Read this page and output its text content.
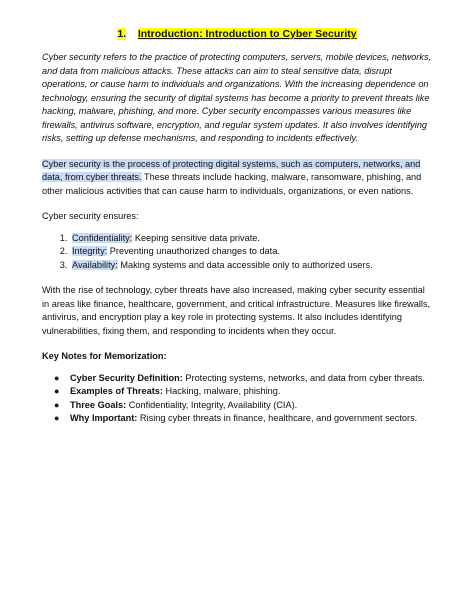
1. Introduction: Introduction to Cyber Security

Cyber security refers to the practice of protecting computers, servers, mobile devices, networks, and data from malicious attacks. These attacks can aim to steal sensitive data, disrupt operations, or cause harm to individuals and organizations. With the increasing dependence on technology, ensuring the security of digital systems has become a priority to prevent threats like hacking, malware, phishing, and more. Cyber security encompasses various measures like firewalls, antivirus software, encryption, and regular system updates. It also involves identifying risks, setting up defense mechanisms, and responding to incidents effectively.

Cyber security is the process of protecting digital systems, such as computers, networks, and data, from cyber threats. These threats include hacking, malware, ransomware, phishing, and other malicious activities that can cause harm to individuals, organizations, or even nations.

Cyber security ensures:

1. Confidentiality: Keeping sensitive data private.
2. Integrity: Preventing unauthorized changes to data.
3. Availability: Making systems and data accessible only to authorized users.

With the rise of technology, cyber threats have also increased, making cyber security essential in areas like finance, healthcare, government, and critical infrastructure. Measures like firewalls, antivirus, and encryption play a key role in protecting systems. It also includes identifying vulnerabilities, fixing them, and responding to incidents when they occur.

Key Notes for Memorization:

● Cyber Security Definition: Protecting systems, networks, and data from cyber threats.
● Examples of Threats: Hacking, malware, phishing.
● Three Goals: Confidentiality, Integrity, Availability (CIA).
● Why Important: Rising cyber threats in finance, healthcare, and government sectors.
